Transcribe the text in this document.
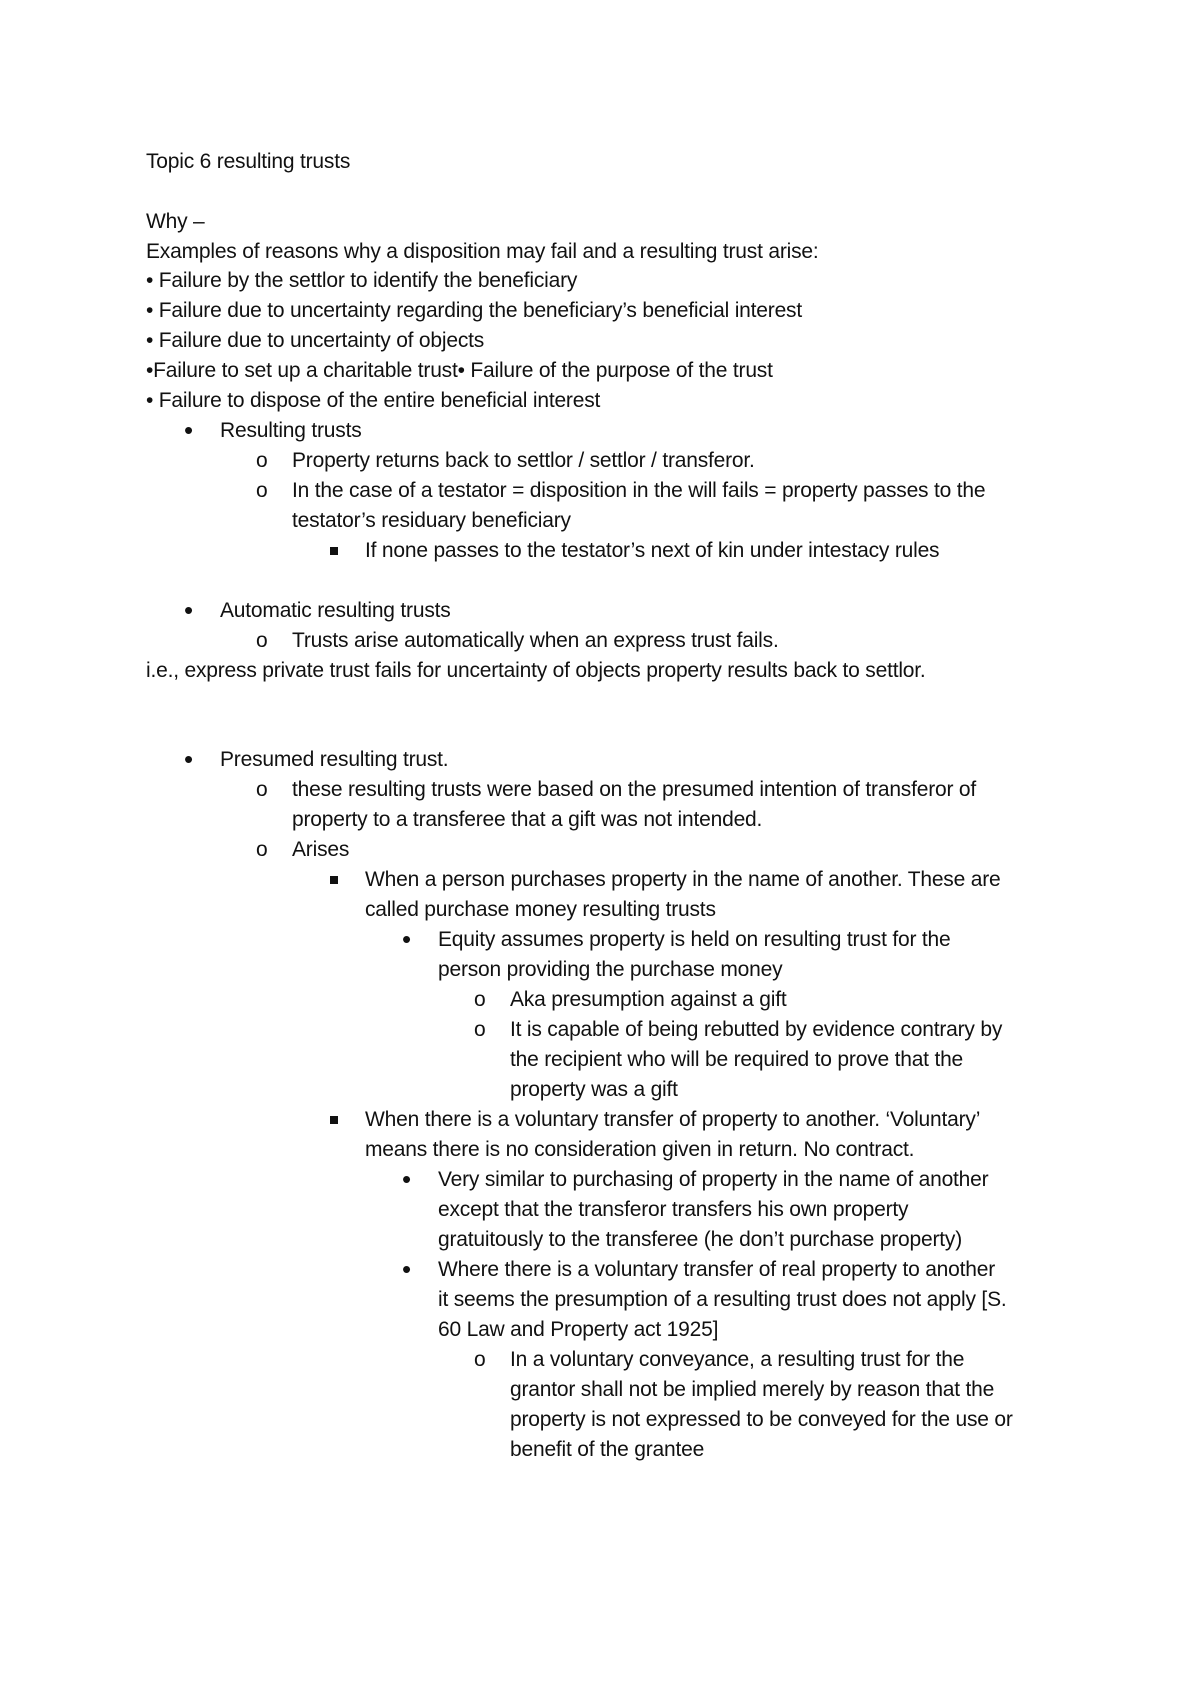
Topic 6 resulting trusts
Why –
Examples of reasons why a disposition may fail and a resulting trust arise:
• Failure by the settlor to identify the beneficiary
• Failure due to uncertainty regarding the beneficiary’s beneficial interest
• Failure due to uncertainty of objects
•Failure to set up a charitable trust• Failure of the purpose of the trust
• Failure to dispose of the entire beneficial interest
• Resulting trusts
o Property returns back to settlor / settlor / transferor.
o In the case of a testator = disposition in the will fails = property passes to the
testator’s residuary beneficiary
If none passes to the testator’s next of kin under intestacy rules
• Automatic resulting trusts
o Trusts arise automatically when an express trust fails.
i.e., express private trust fails for uncertainty of objects property results back to settlor.
• Presumed resulting trust.
o these resulting trusts were based on the presumed intention of transferor of
property to a transferee that a gift was not intended.
o Arises
When a person purchases property in the name of another. These are
called purchase money resulting trusts
• Equity assumes property is held on resulting trust for the
person providing the purchase money
o Aka presumption against a gift
o It is capable of being rebutted by evidence contrary by
the recipient who will be required to prove that the
property was a gift
When there is a voluntary transfer of property to another. ‘Voluntary’
means there is no consideration given in return. No contract.
• Very similar to purchasing of property in the name of another
except that the transferor transfers his own property
gratuitously to the transferee (he don’t purchase property)
• Where there is a voluntary transfer of real property to another
it seems the presumption of a resulting trust does not apply [S.
60 Law and Property act 1925]
o In a voluntary conveyance, a resulting trust for the
grantor shall not be implied merely by reason that the
property is not expressed to be conveyed for the use or
benefit of the grantee
